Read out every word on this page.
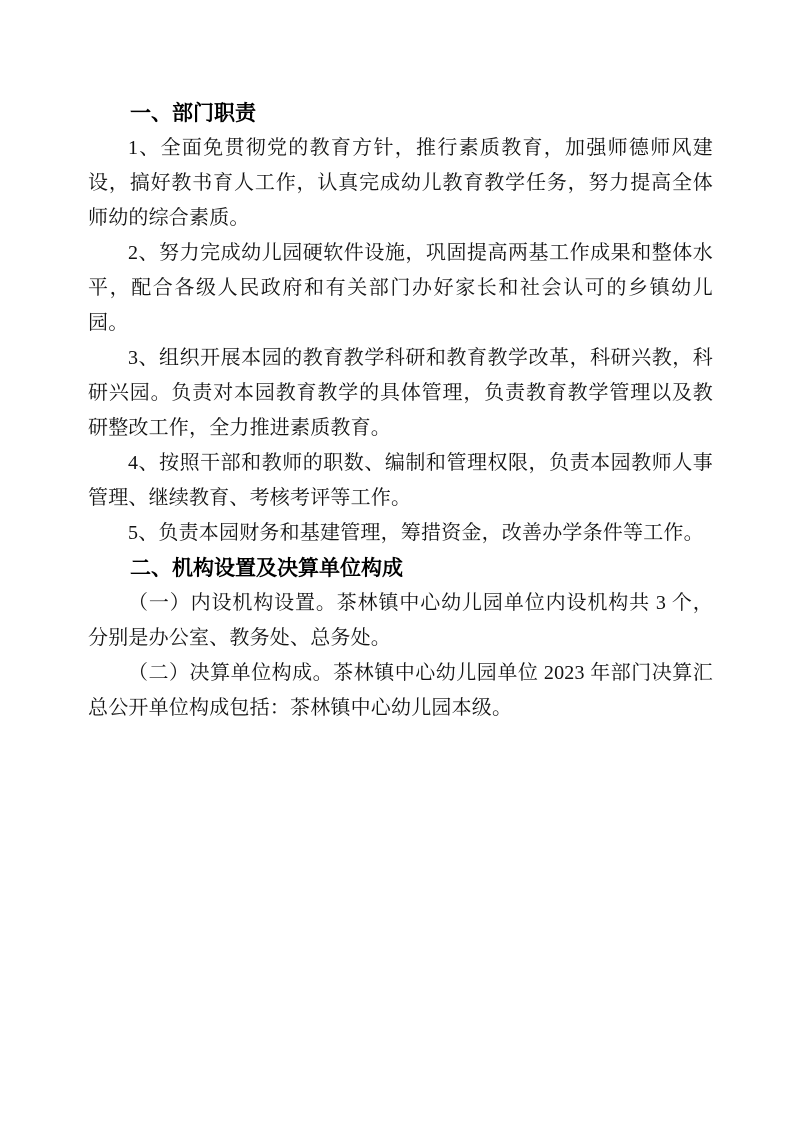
一、部门职责

1、全面免贯彻党的教育方针，推行素质教育，加强师德师风建设，搞好教书育人工作，认真完成幼儿教育教学任务，努力提高全体师幼的综合素质。

2、努力完成幼儿园硬软件设施，巩固提高两基工作成果和整体水平，配合各级人民政府和有关部门办好家长和社会认可的乡镇幼儿园。

3、组织开展本园的教育教学科研和教育教学改革，科研兴教，科研兴园。负责对本园教育教学的具体管理，负责教育教学管理以及教研整改工作，全力推进素质教育。

4、按照干部和教师的职数、编制和管理权限，负责本园教师人事管理、继续教育、考核考评等工作。

5、负责本园财务和基建管理，筹措资金，改善办学条件等工作。

二、机构设置及决算单位构成

（一）内设机构设置。茶林镇中心幼儿园单位内设机构共 3 个，分别是办公室、教务处、总务处。

（二）决算单位构成。茶林镇中心幼儿园单位 2023 年部门决算汇总公开单位构成包括：茶林镇中心幼儿园本级。
